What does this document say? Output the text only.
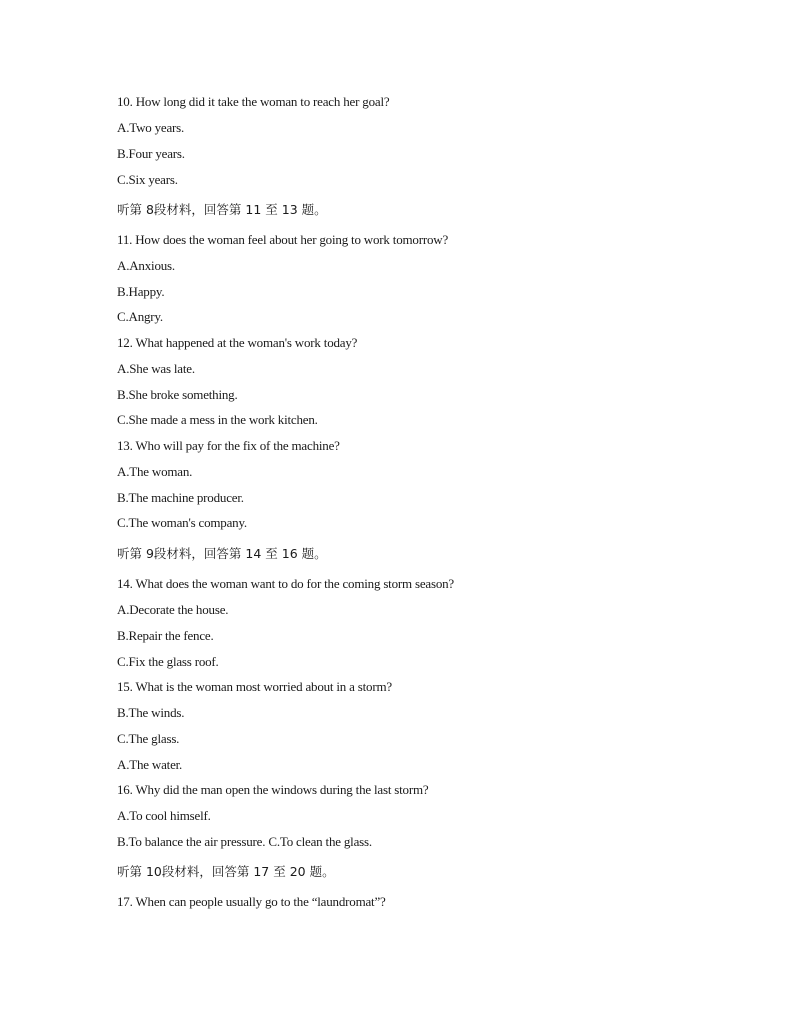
10. How long did it take the woman to reach her goal?
A.Two years.
B.Four years.
C.Six years.
听第 8段材料，回答第 11 至 13 题。
11. How does the woman feel about her going to work tomorrow?
A.Anxious.
B.Happy.
C.Angry.
12. What happened at the woman's work today?
A.She was late.
B.She broke something.
C.She made a mess in the work kitchen.
13. Who will pay for the fix of the machine?
A.The woman.
B.The machine producer.
C.The woman's company.
听第 9段材料，回答第 14 至 16 题。
14. What does the woman want to do for the coming storm season?
A.Decorate the house.
B.Repair the fence.
C.Fix the glass roof.
15. What is the woman most worried about in a storm?
B.The winds.
C.The glass.
A.The water.
16. Why did the man open the windows during the last storm?
A.To cool himself.
B.To balance the air pressure. C.To clean the glass.
听第 10段材料，回答第 17 至 20 题。
17. When can people usually go to the “laundromat”?
